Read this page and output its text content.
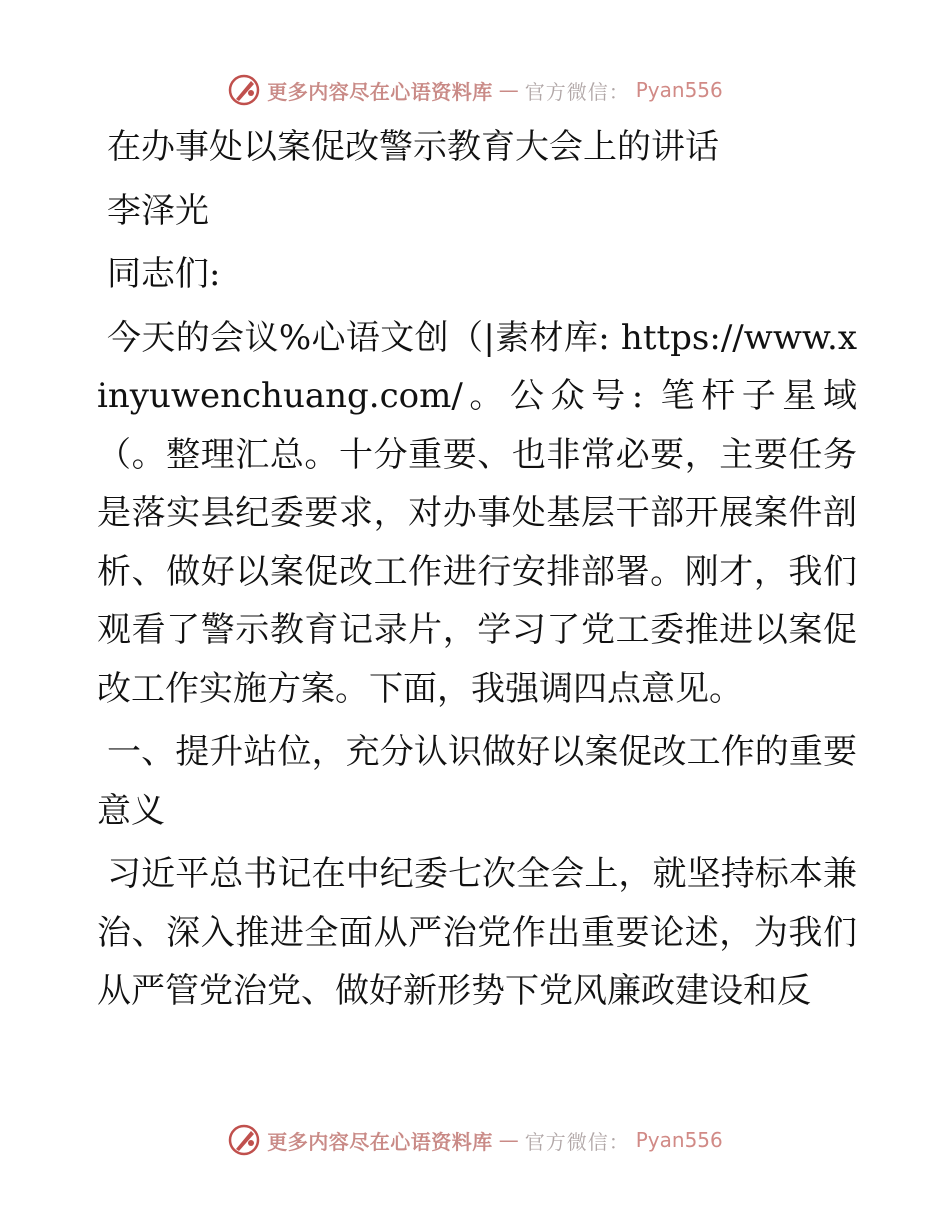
更多内容尽在心语资料库 — 官方微信： Pyan556

在办事处以案促改警示教育大会上的讲话

李泽光

同志们:

今天的会议%心语文创（|素材库: https://www.xinyuwenchuang.com/。公众号: 笔杆子星域（。整理汇总。十分重要、也非常必要，主要任务是落实县纪委要求，对办事处基层干部开展案件剖析、做好以案促改工作进行安排部署。刚才，我们观看了警示教育记录片，学习了党工委推进以案促改工作实施方案。下面，我强调四点意见。

一、提升站位，充分认识做好以案促改工作的重要意义

习近平总书记在中纪委七次全会上，就坚持标本兼治、深入推进全面从严治党作出重要论述，为我们从严管党治党、做好新形势下党风廉政建设和反

更多内容尽在心语资料库 — 官方微信： Pyan556
